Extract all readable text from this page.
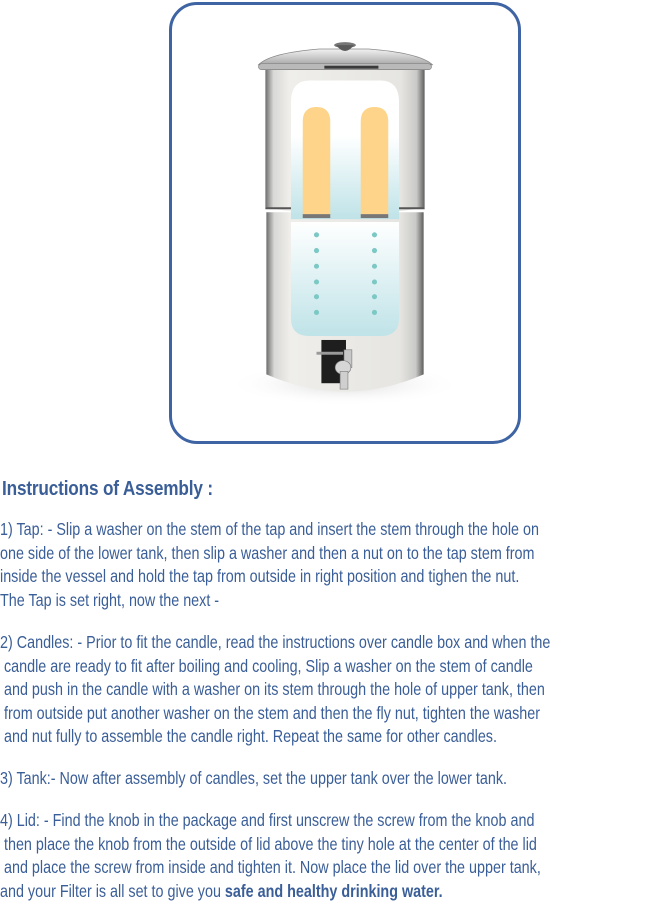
Instructions of Assembly :
1) Tap: - Slip a washer on the stem of the tap and insert the stem through the hole on
one side of the lower tank, then slip a washer and then a nut on to the tap stem from
inside the vessel and hold the tap from outside in right position and tighen the nut.
The Tap is set right, now the next -
2) Candles: - Prior to fit the candle, read the instructions over candle box and when the
candle are ready to fit after boiling and cooling, Slip a washer on the stem of candle
and push in the candle with a washer on its stem through the hole of upper tank, then
from outside put another washer on the stem and then the fly nut, tighten the washer
and nut fully to assemble the candle right. Repeat the same for other candles.
3) Tank:- Now after assembly of candles, set the upper tank over the lower tank.
4) Lid: - Find the knob in the package and first unscrew the screw from the knob and
then place the knob from the outside of lid above the tiny hole at the center of the lid
and place the screw from inside and tighten it. Now place the lid over the upper tank,
and your Filter is all set to give you safe and healthy drinking water.
